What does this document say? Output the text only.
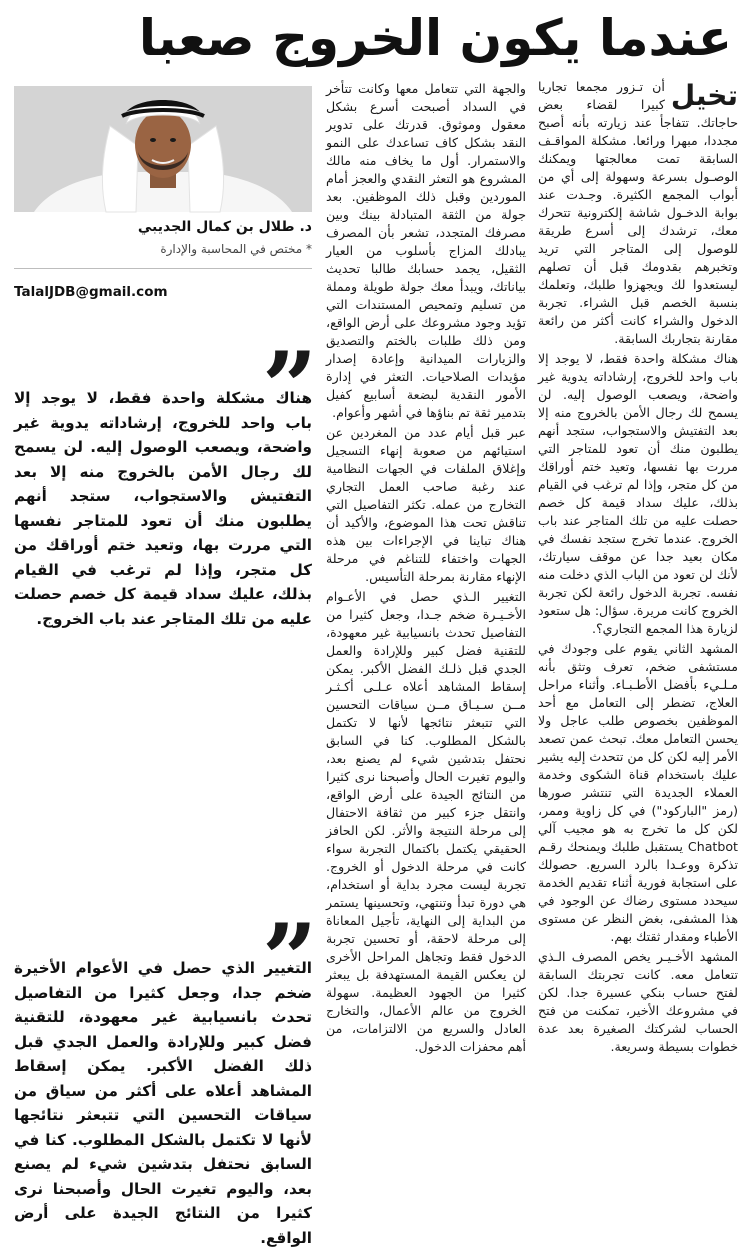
عندما يكون الخروج صعبا
تخيل

أن تـزور مجمعا تجاريا كبيرا لقضاء بعض حاجاتك. تتفاجأ عند زيارته بأنه أصبح مجددا، مبهرا ورائعا. مشكلة المواقـف السابقة تمت معالجتها ويمكنك الوصـول بسرعة وسهولة إلى أي من أبواب المجمع الكثيرة. وجـدت عند بوابة الدخـول شاشة إلكترونية تتحرك معك، ترشدك إلى أسرع طريقة للوصول إلى المتاجر التي تريد وتخبرهم بقدومك قبل أن تصلهم ليستعدوا لك ويجهزوا طلبك، وتعلمك بنسبة الخصم قبل الشراء. تجربة الدخول والشراء كانت أكثر من رائعة مقارنة بتجاربك السابقة.

هناك مشكلة واحدة فقط، لا يوجد إلا باب واحد للخروج، إرشاداته يدوية غير واضحة، ويصعب الوصول إليه. لن يسمح لك رجال الأمن بالخروج منه إلا بعد التفتيش والاستجواب، ستجد أنهم يطلبون منك أن تعود للمتاجر التي مررت بها نفسها، وتعيد ختم أوراقك من كل متجر، وإذا لم ترغب في القيام بذلك، عليك سداد قيمة كل خصم حصلت عليه من تلك المتاجر عند باب الخروج. عندما تخرج ستجد نفسك في مكان بعيد جدا عن موقف سيارتك، لأنك لن تعود من الباب الذي دخلت منه نفسه. تجربة الدخول رائعة لكن تجربة الخروج كانت مريرة. سؤال: هل ستعود لزيارة هذا المجمع التجاري؟.

المشهد الثاني يقوم على وجودك في مستشفى ضخم، تعرف وتثق بأنه مـلـيء بأفضل الأطـبـاء. وأثناء مراحل العلاج، تضطر إلى التعامل مع أحد الموظفين بخصوص طلب عاجل ولا يحسن التعامل معك. تبحث عمن تصعد الأمر إليه لكن كل من تتحدث إليه يشير عليك باستخدام قناة الشكوى وخدمة العملاء الجديدة التي تنتشر صورها (رمز "الباركود") في كل زاوية وممر، لكن كل ما تخرج به هو مجيب آلي Chatbot يستقبل طلبك ويمنحك رقـم تذكرة ووعـدا بالرد السريع. حصولك على استجابة فورية أثناء تقديم الخدمة سيحدد مستوى رضاك عن الوجود في هذا المشفى، بغض النظر عن مستوى الأطباء ومقدار ثقتك بهم.

المشهد الأخـيـر يخص المصرف الـذي تتعامل معه. كانت تجربتك السابقة لفتح حساب بنكي عسيرة جدا. لكن في مشروعك الأخير، تمكنت من فتح الحساب لشركتك الصغيرة بعد عدة خطوات بسيطة وسريعة.

والجهة التي تتعامل معها وكانت تتأخر في السداد أصبحت أسرع بشكل معقول وموثوق. قدرتك على تدوير النقد بشكل كاف تساعدك على النمو والاستمرار. أول ما يخاف منه مالك المشروع هو التعثر النقدي والعجز أمام الموردين وقبل ذلك الموظفين. بعد جولة من الثقة المتبادلة بينك وبين مصرفك المتجدد، تشعر بأن المصرف يبادلك المزاج بأسلوب من العيار الثقيل، يجمد حسابك طالبا تحديث بياناتك، ويبدأ معك جولة طويلة ومملة من تسليم وتمحيص المستندات التي تؤيد وجود مشروعك على أرض الواقع، ومن ذلك طلبات بالختم والتصديق والزيارات الميدانية وإعادة إصدار مؤيدات الصلاحيات. التعثر في إدارة الأمور النقدية لبضعة أسابيع كفيل بتدمير ثقة تم بناؤها في أشهر وأعوام.

عبر قبل أيام عدد من المغردين عن استيائهم من صعوبة إنهاء التسجيل وإغلاق الملفات في الجهات النظامية عند رغبة صاحب العمل التجاري التخارج من عمله. تكثر التفاصيل التي تناقش تحت هذا الموضوع، والأكيد أن هناك تباينا في الإجراءات بين هذه الجهات واختفاء للتناغم في مرحلة الإنهاء مقارنة بمرحلة التأسيس.

التغيير الـذي حصل في الأعـوام الأخـيـرة ضخم جـدا، وجعل كثيرا من التفاصيل تحدث بانسيابية غير معهودة، للتقنية فضل كبير وللإرادة والعمل الجدي قبل ذلـك الفضل الأكبر. يمكن إسقاط المشاهد أعلاه عـلـى أكـثـر مــن سـيـاق مــن سياقات التحسين التي تتبعثر نتائجها لأنها لا تكتمل بالشكل المطلوب. كنا في السابق نحتفل بتدشين شيء لم يصنع بعد، واليوم تغيرت الحال وأصبحنا نرى كثيرا من النتائج الجيدة على أرض الواقع، وانتقل جزء كبير من ثقافة الاحتفال إلى مرحلة النتيجة والأثر. لكن الحافز الحقيقي يكتمل باكتمال التجربة سواء كانت في مرحلة الدخول أو الخروج. تجربة ليست مجرد بداية أو استخدام، هي دورة تبدأ وتنتهي، وتحسينها يستمر من البداية إلى النهاية، تأجيل المعاناة إلى مرحلة لاحقة، أو تحسين تجربة الدخول فقط وتجاهل المراحل الأخرى لن يعكس القيمة المستهدفة بل يبعثر كثيرا من الجهود العظيمة. سهولة الخروج من عالم الأعمال، والتخارج العادل والسريع من الالتزامات، من أهم محفزات الدخول.

د. طلال بن كمال الجديبي
* مختص في المحاسبة والإدارة
TalalJDB@gmail.com
”
هناك مشكلة واحدة فقط، لا يوجد إلا باب واحد للخروج، إرشاداته يدوية غير واضحة، ويصعب الوصول إليه. لن يسمح لك رجال الأمن بالخروج منه إلا بعد التفتيش والاستجواب، ستجد أنهم يطلبون منك أن تعود للمتاجر نفسها التي مررت بها، وتعيد ختم أوراقك من كل متجر، وإذا لم ترغب في القيام بذلك، عليك سداد قيمة كل خصم حصلت عليه من تلك المتاجر عند باب الخروج.
”
التغيير الذي حصل في الأعوام الأخيرة ضخم جدا، وجعل كثيرا من التفاصيل تحدث بانسيابية غير معهودة، للتقنية فضل كبير وللإرادة والعمل الجدي قبل ذلك الفضل الأكبر. يمكن إسقاط المشاهد أعلاه على أكثر من سياق من سياقات التحسين التي تتبعثر نتائجها لأنها لا تكتمل بالشكل المطلوب. كنا في السابق نحتفل بتدشين شيء لم يصنع بعد، واليوم تغيرت الحال وأصبحنا نرى كثيرا من النتائج الجيدة على أرض الواقع.
